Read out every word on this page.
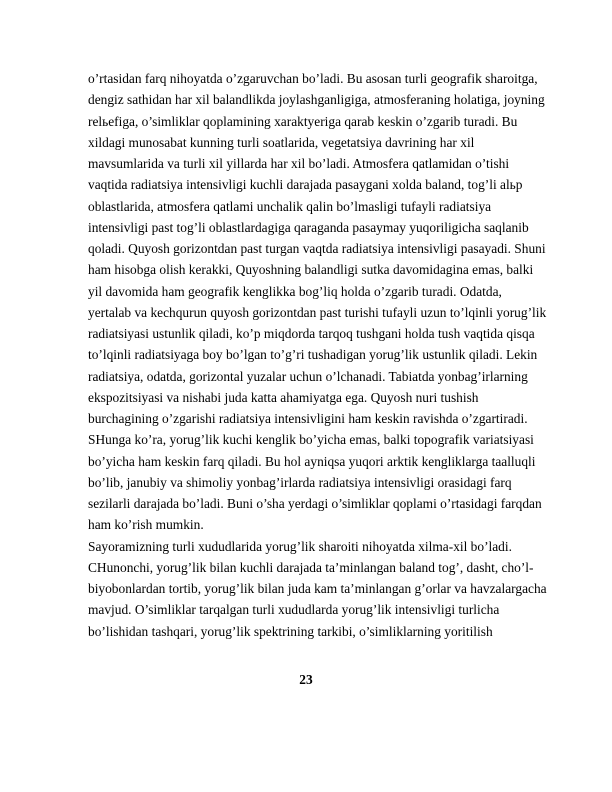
o’rtasidan farq nihoyatda o’zgaruvchan bo’ladi. Bu asosan turli geografik sharoitga,
dengiz sathidan har xil balandlikda joylashganligiga, atmosferaning holatiga, joyning
relьefiga, o’simliklar qoplamining xaraktyeriga qarab keskin o’zgarib turadi. Bu
xildagi munosabat kunning turli soatlarida, vegetatsiya davrining har xil
mavsumlarida va turli xil yillarda har xil bo’ladi. Atmosfera qatlamidan o’tishi
vaqtida radiatsiya intensivligi kuchli darajada pasaygani xolda baland, tog’li alьp
oblastlarida, atmosfera qatlami unchalik qalin bo’lmasligi tufayli radiatsiya
intensivligi past tog’li oblastlardagiga qaraganda pasaymay yuqoriligicha saqlanib
qoladi. Quyosh gorizontdan past turgan vaqtda radiatsiya intensivligi pasayadi. Shuni
ham hisobga olish kerakki, Quyoshning balandligi sutka davomidagina emas, balki
yil davomida ham geografik kenglikka bog’liq holda o’zgarib turadi. Odatda,
yertalab va kechqurun quyosh gorizontdan past turishi tufayli uzun to’lqinli yorug’lik
radiatsiyasi ustunlik qiladi, ko’p miqdorda tarqoq tushgani holda tush vaqtida qisqa
to’lqinli radiatsiyaga boy bo’lgan to’g’ri tushadigan yorug’lik ustunlik qiladi. Lekin
radiatsiya, odatda, gorizontal yuzalar uchun o’lchanadi. Tabiatda yonbag’irlarning
ekspozitsiyasi va nishabi juda katta ahamiyatga ega. Quyosh nuri tushish
burchagining o’zgarishi radiatsiya intensivligini ham keskin ravishda o’zgartiradi.
SHunga ko’ra, yorug’lik kuchi kenglik bo’yicha emas, balki topografik variatsiyasi
bo’yicha ham keskin farq qiladi. Bu hol ayniqsa yuqori arktik kengliklarga taalluqli
bo’lib, janubiy va shimoliy yonbag’irlarda radiatsiya intensivligi orasidagi farq
sezilarli darajada bo’ladi. Buni o’sha yerdagi o’simliklar qoplami o’rtasidagi farqdan
ham ko’rish mumkin.
Sayoramizning turli xududlarida yorug’lik sharoiti nihoyatda xilma-xil bo’ladi.
CHunonchi, yorug’lik bilan kuchli darajada ta’minlangan baland tog’, dasht, cho’l-
biyobonlardan tortib, yorug’lik bilan juda kam ta’minlangan g’orlar va havzalargacha
mavjud. O’simliklar tarqalgan turli xududlarda yorug’lik intensivligi turlicha
bo’lishidan tashqari, yorug’lik spektrining tarkibi, o’simliklarning yoritilish
23
